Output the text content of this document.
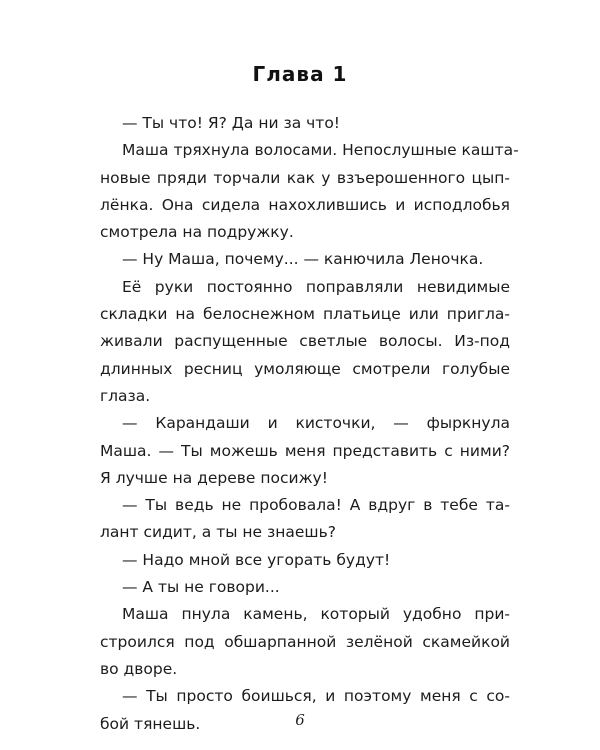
Глава 1
— Ты что! Я? Да ни за что!
Маша тряхнула волосами. Непослушные кашта-
новые пряди торчали как у взъерошенного цып-
лёнка. Она сидела нахохлившись и исподлобья
смотрела на подружку.
— Ну Маша, почему... — канючила Леночка.
Её руки постоянно поправляли невидимые
складки на белоснежном платьице или пригла-
живали распущенные светлые волосы. Из-под
длинных ресниц умоляюще смотрели голубые
глаза.
— Карандаши и кисточки, — фыркнула
Маша. — Ты можешь меня представить с ними?
Я лучше на дереве посижу!
— Ты ведь не пробовала! А вдруг в тебе та-
лант сидит, а ты не знаешь?
— Надо мной все угорать будут!
— А ты не говори...
Маша пнула камень, который удобно при-
строился под обшарпанной зелёной скамейкой
во дворе.
— Ты просто боишься, и поэтому меня с со-
бой тянешь.	6
